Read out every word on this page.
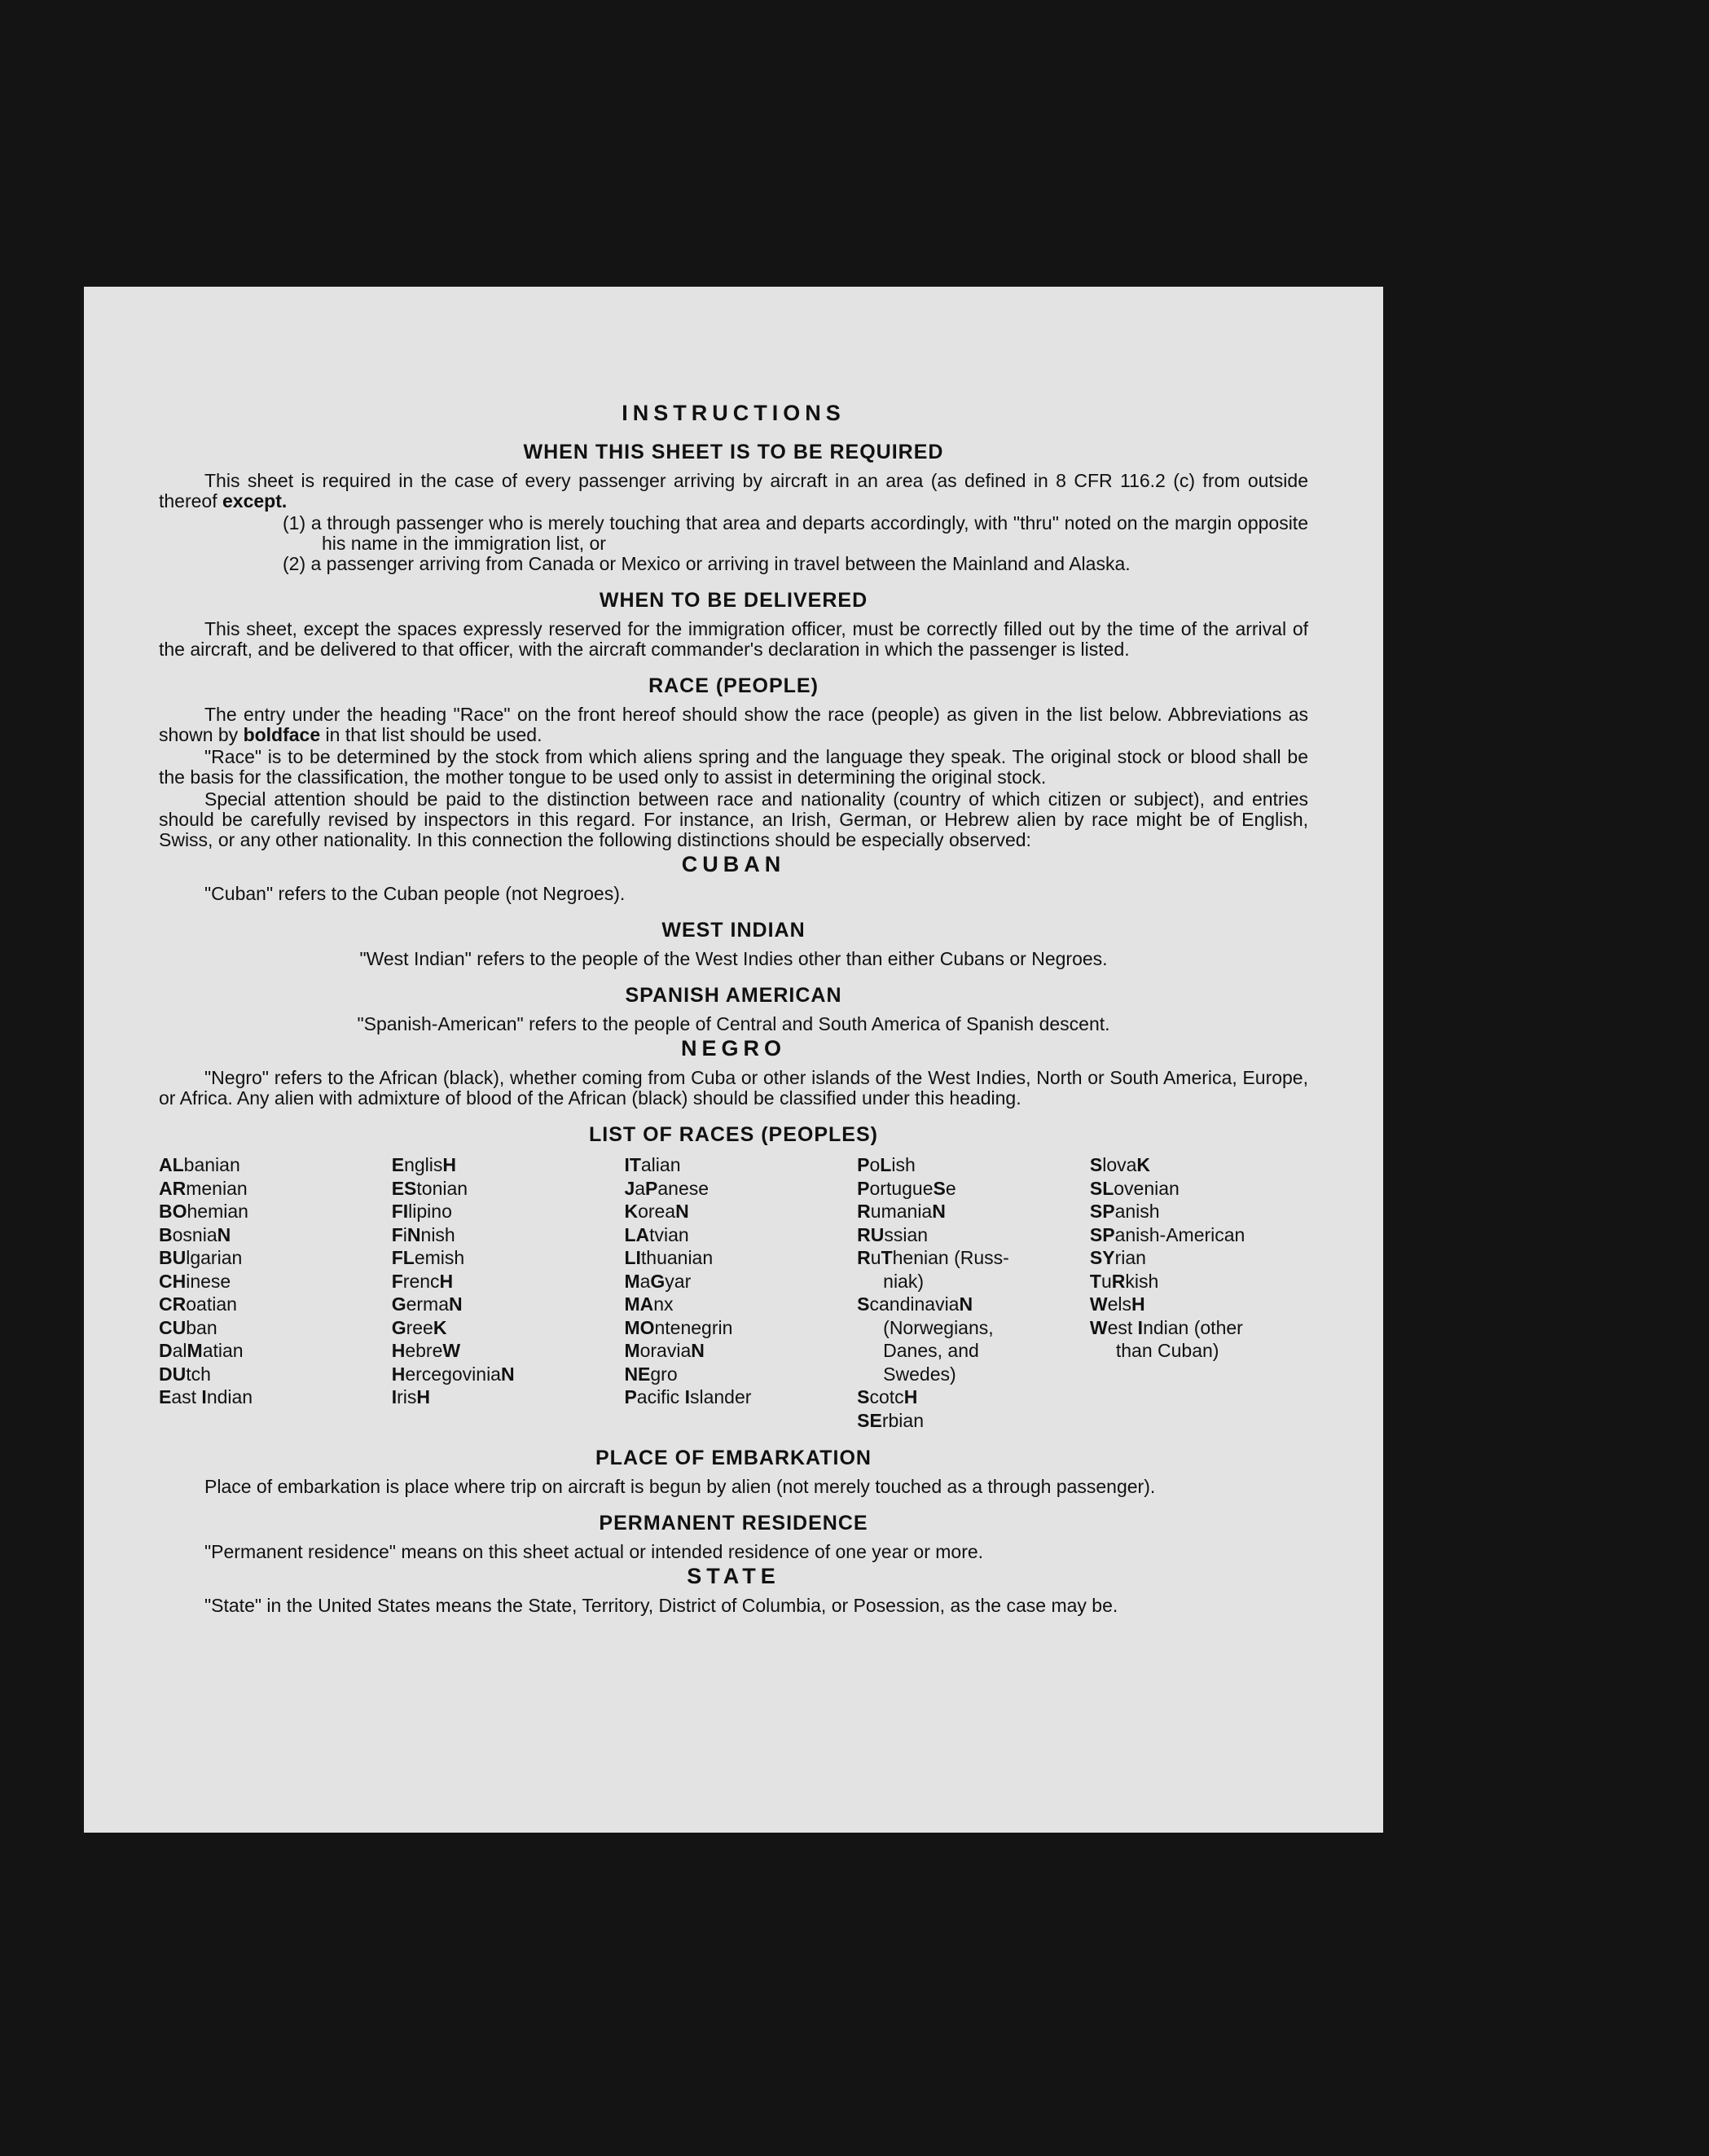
INSTRUCTIONS
WHEN THIS SHEET IS TO BE REQUIRED
This sheet is required in the case of every passenger arriving by aircraft in an area (as defined in 8 CFR 116.2 (c) from outside thereof except.
(1) a through passenger who is merely touching that area and departs accordingly, with "thru" noted on the margin opposite his name in the immigration list, or
(2) a passenger arriving from Canada or Mexico or arriving in travel between the Mainland and Alaska.
WHEN TO BE DELIVERED
This sheet, except the spaces expressly reserved for the immigration officer, must be correctly filled out by the time of the arrival of the aircraft, and be delivered to that officer, with the aircraft commander's declaration in which the passenger is listed.
RACE (PEOPLE)
The entry under the heading "Race" on the front hereof should show the race (people) as given in the list below. Abbreviations as shown by boldface in that list should be used.
"Race" is to be determined by the stock from which aliens spring and the language they speak. The original stock or blood shall be the basis for the classification, the mother tongue to be used only to assist in determining the original stock.
Special attention should be paid to the distinction between race and nationality (country of which citizen or subject), and entries should be carefully revised by inspectors in this regard. For instance, an Irish, German, or Hebrew alien by race might be of English, Swiss, or any other nationality. In this connection the following distinctions should be especially observed:
CUBAN
"Cuban" refers to the Cuban people (not Negroes).
WEST INDIAN
"West Indian" refers to the people of the West Indies other than either Cubans or Negroes.
SPANISH AMERICAN
"Spanish-American" refers to the people of Central and South America of Spanish descent.
NEGRO
"Negro" refers to the African (black), whether coming from Cuba or other islands of the West Indies, North or South America, Europe, or Africa. Any alien with admixture of blood of the African (black) should be classified under this heading.
LIST OF RACES (PEOPLES)
ALbanian
ARmenian
BOhemian
BosniaN
BUlgarian
CHinese
CRoatian
CUban
DalMatian
DUtch
East Indian
EnglisH
EStonian
FIlipino
FiNnish
FLemish
FrencH
GermaN
GreeK
HebreW
HercegoviniaN
IrisH
ITalian
JaPanese
KoreaN
LAtvian
LIthuanian
MaGyar
MAnx
MOntenegrin
MoraviaN
NEgro
Pacific Islander
PoLish
PortugueSe
RumaniaN
RUssian
RuThenian (Russ-
niak)
ScandinaviaN
(Norwegians,
Danes, and
Swedes)
ScotcH
SErbian
SlovaK
SLovenian
SPanish
SPanish-American
SYrian
TuRkish
WelsH
West Indian (other
than Cuban)
PLACE OF EMBARKATION
Place of embarkation is place where trip on aircraft is begun by alien (not merely touched as a through passenger).
PERMANENT RESIDENCE
"Permanent residence" means on this sheet actual or intended residence of one year or more.
STATE
"State" in the United States means the State, Territory, District of Columbia, or Posession, as the case may be.
